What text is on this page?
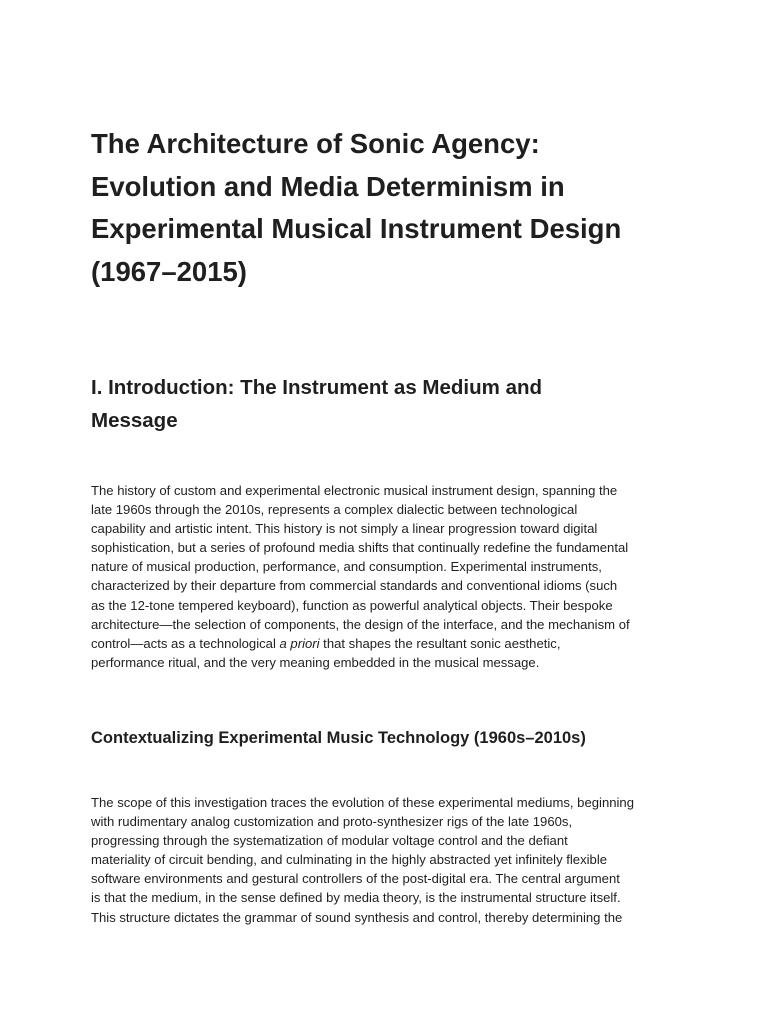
The Architecture of Sonic Agency:
Evolution and Media Determinism in
Experimental Musical Instrument Design
(1967–2015)
I. Introduction: The Instrument as Medium and
Message

The history of custom and experimental electronic musical instrument design, spanning the
late 1960s through the 2010s, represents a complex dialectic between technological
capability and artistic intent. This history is not simply a linear progression toward digital
sophistication, but a series of profound media shifts that continually redefine the fundamental
nature of musical production, performance, and consumption. Experimental instruments,
characterized by their departure from commercial standards and conventional idioms (such
as the 12-tone tempered keyboard), function as powerful analytical objects. Their bespoke
architecture—the selection of components, the design of the interface, and the mechanism of
control—acts as a technological a priori that shapes the resultant sonic aesthetic,
performance ritual, and the very meaning embedded in the musical message.

Contextualizing Experimental Music Technology (1960s–2010s)

The scope of this investigation traces the evolution of these experimental mediums, beginning
with rudimentary analog customization and proto-synthesizer rigs of the late 1960s,
progressing through the systematization of modular voltage control and the defiant
materiality of circuit bending, and culminating in the highly abstracted yet infinitely flexible
software environments and gestural controllers of the post-digital era. The central argument
is that the medium, in the sense defined by media theory, is the instrumental structure itself.
This structure dictates the grammar of sound synthesis and control, thereby determining the
